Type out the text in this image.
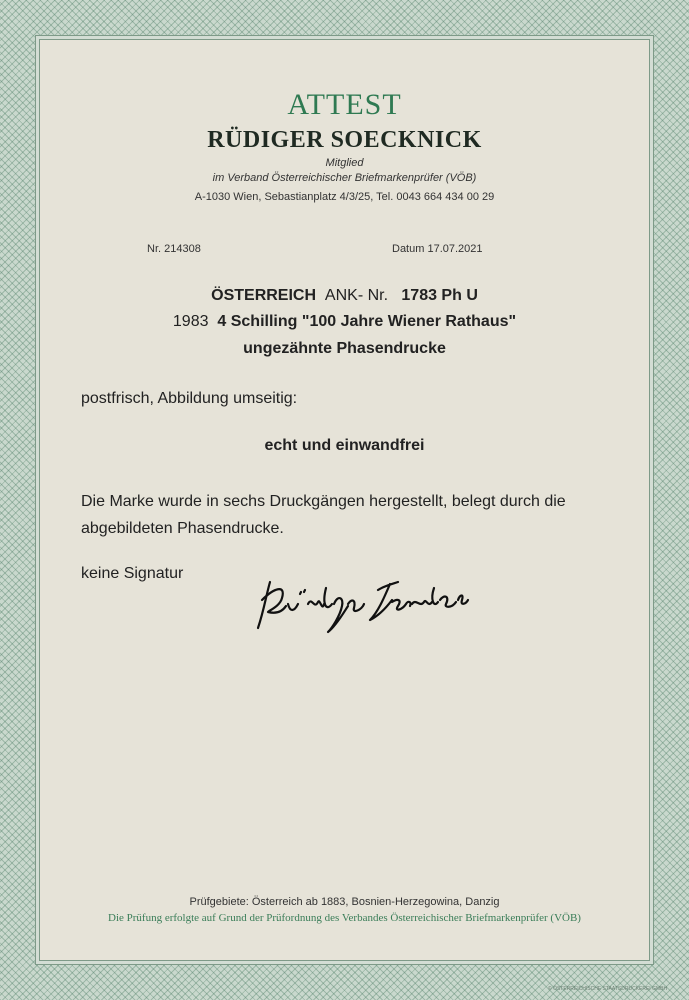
ATTEST
RÜDIGER SOECKNICK
Mitglied
im Verband Österreichischer Briefmarkenprüfer (VÖB)
A-1030 Wien, Sebastianplatz 4/3/25, Tel. 0043 664 434 00 29
Nr. 214308	Datum 17.07.2021
ÖSTERREICH ANK- Nr. 1783 Ph U
1983 4 Schilling "100 Jahre Wiener Rathaus"
ungezähnte Phasendrucke
postfrisch, Abbildung umseitig:
echt und einwandfrei
Die Marke wurde in sechs Druckgängen hergestellt, belegt durch die
abgebildeten Phasendrucke.
keine Signatur
Prüfgebiete: Österreich ab 1883, Bosnien-Herzegowina, Danzig
Die Prüfung erfolgte auf Grund der Prüfordnung des Verbandes Österreichischer Briefmarkenprüfer (VÖB)
© ÖSTERREICHISCHE STAATSDRUCKEREI GMBH
